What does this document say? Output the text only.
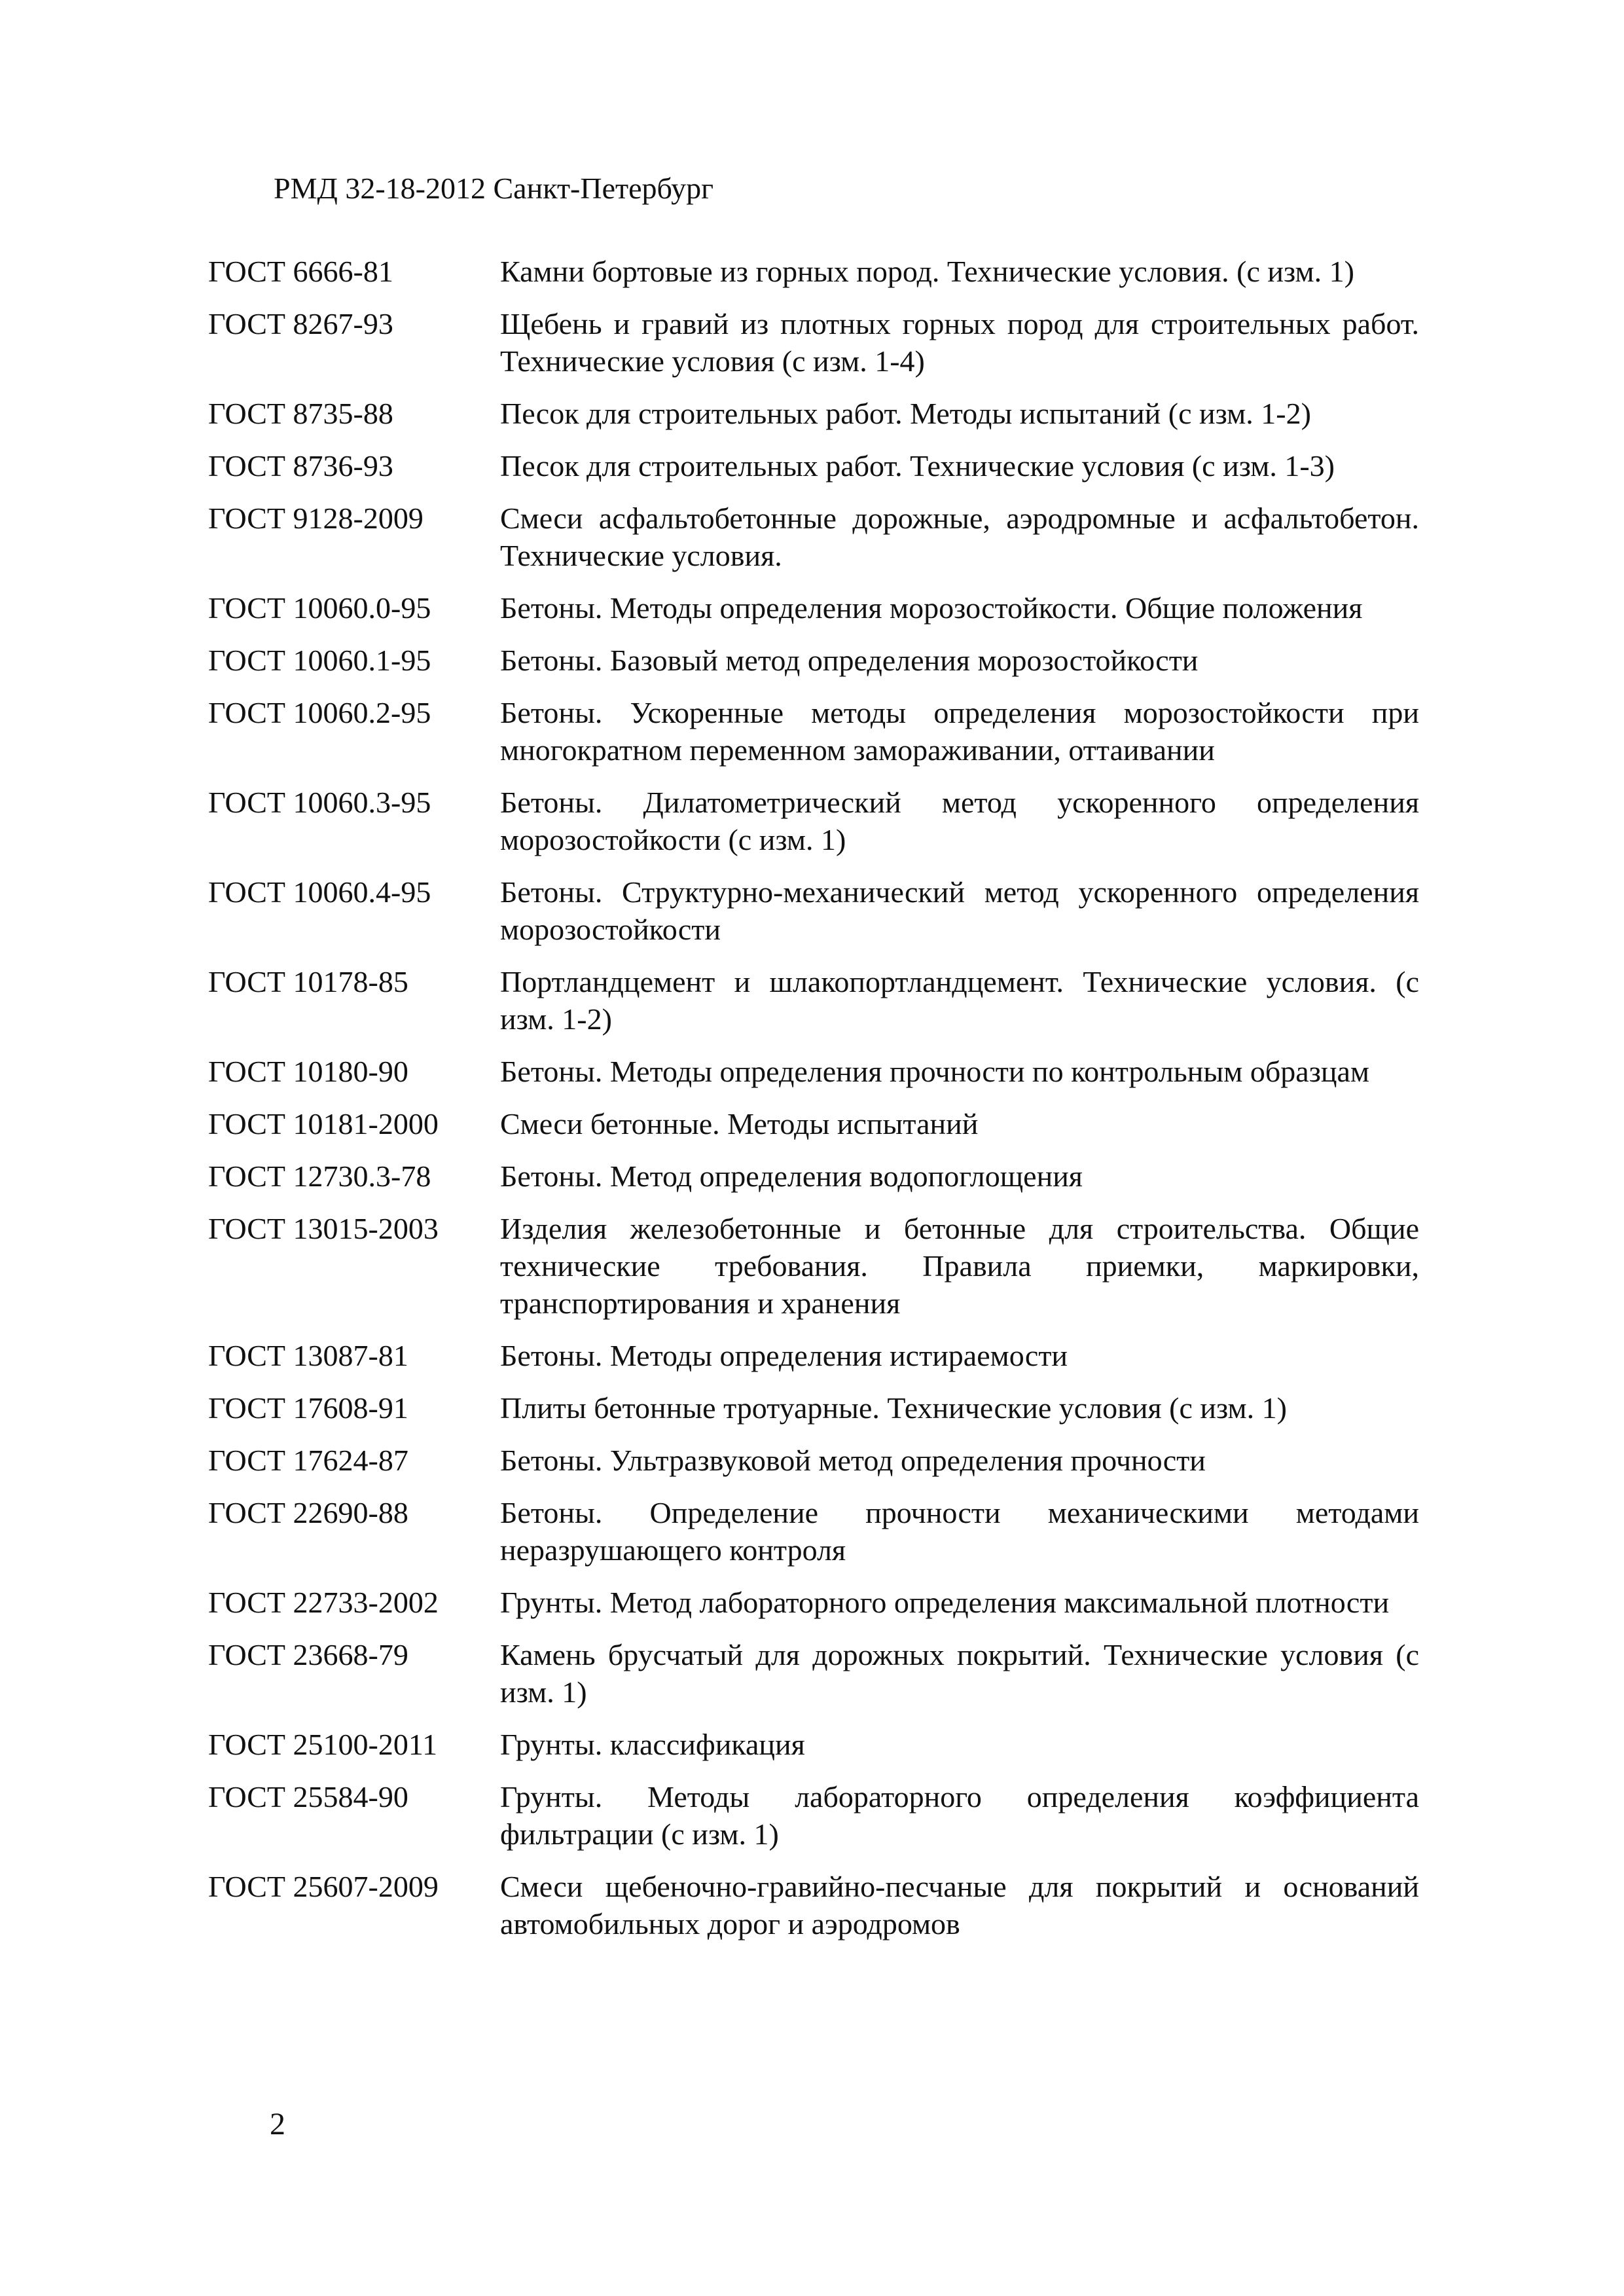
РМД 32-18-2012 Санкт-Петербург
ГОСТ 6666-81	Камни бортовые из горных пород. Технические условия. (с изм. 1)
ГОСТ 8267-93	Щебень и гравий из плотных горных пород для строительных работ. Технические условия (с изм. 1-4)
ГОСТ 8735-88	Песок для строительных работ. Методы испытаний (с изм. 1-2)
ГОСТ 8736-93	Песок для строительных работ. Технические условия (с изм. 1-3)
ГОСТ 9128-2009	Смеси асфальтобетонные дорожные, аэродромные и асфальтобетон. Технические условия.
ГОСТ 10060.0-95	Бетоны. Методы определения морозостойкости. Общие положения
ГОСТ 10060.1-95	Бетоны. Базовый метод определения морозостойкости
ГОСТ 10060.2-95	Бетоны. Ускоренные методы определения морозостойкости при многократном переменном замораживании, оттаивании
ГОСТ 10060.3-95	Бетоны. Дилатометрический метод ускоренного определения морозостойкости (с изм. 1)
ГОСТ 10060.4-95	Бетоны. Структурно-механический метод ускоренного определения морозостойкости
ГОСТ 10178-85	Портландцемент и шлакопортландцемент. Технические условия. (с изм. 1-2)
ГОСТ 10180-90	Бетоны. Методы определения прочности по контрольным образцам
ГОСТ 10181-2000	Смеси бетонные. Методы испытаний
ГОСТ 12730.3-78	Бетоны. Метод определения водопоглощения
ГОСТ 13015-2003	Изделия железобетонные и бетонные для строительства. Общие технические требования. Правила приемки, маркировки, транспортирования и хранения
ГОСТ 13087-81	Бетоны. Методы определения истираемости
ГОСТ 17608-91	Плиты бетонные тротуарные. Технические условия (с изм. 1)
ГОСТ 17624-87	Бетоны. Ультразвуковой метод определения прочности
ГОСТ 22690-88	Бетоны. Определение прочности механическими методами неразрушающего контроля
ГОСТ 22733-2002	Грунты. Метод лабораторного определения максимальной плотности
ГОСТ 23668-79	Камень брусчатый для дорожных покрытий. Технические условия (с изм. 1)
ГОСТ 25100-2011	Грунты. классификация
ГОСТ 25584-90	Грунты. Методы лабораторного определения коэффициента фильтрации (с изм. 1)
ГОСТ 25607-2009	Смеси щебеночно-гравийно-песчаные для покрытий и оснований автомобильных дорог и аэродромов
2
